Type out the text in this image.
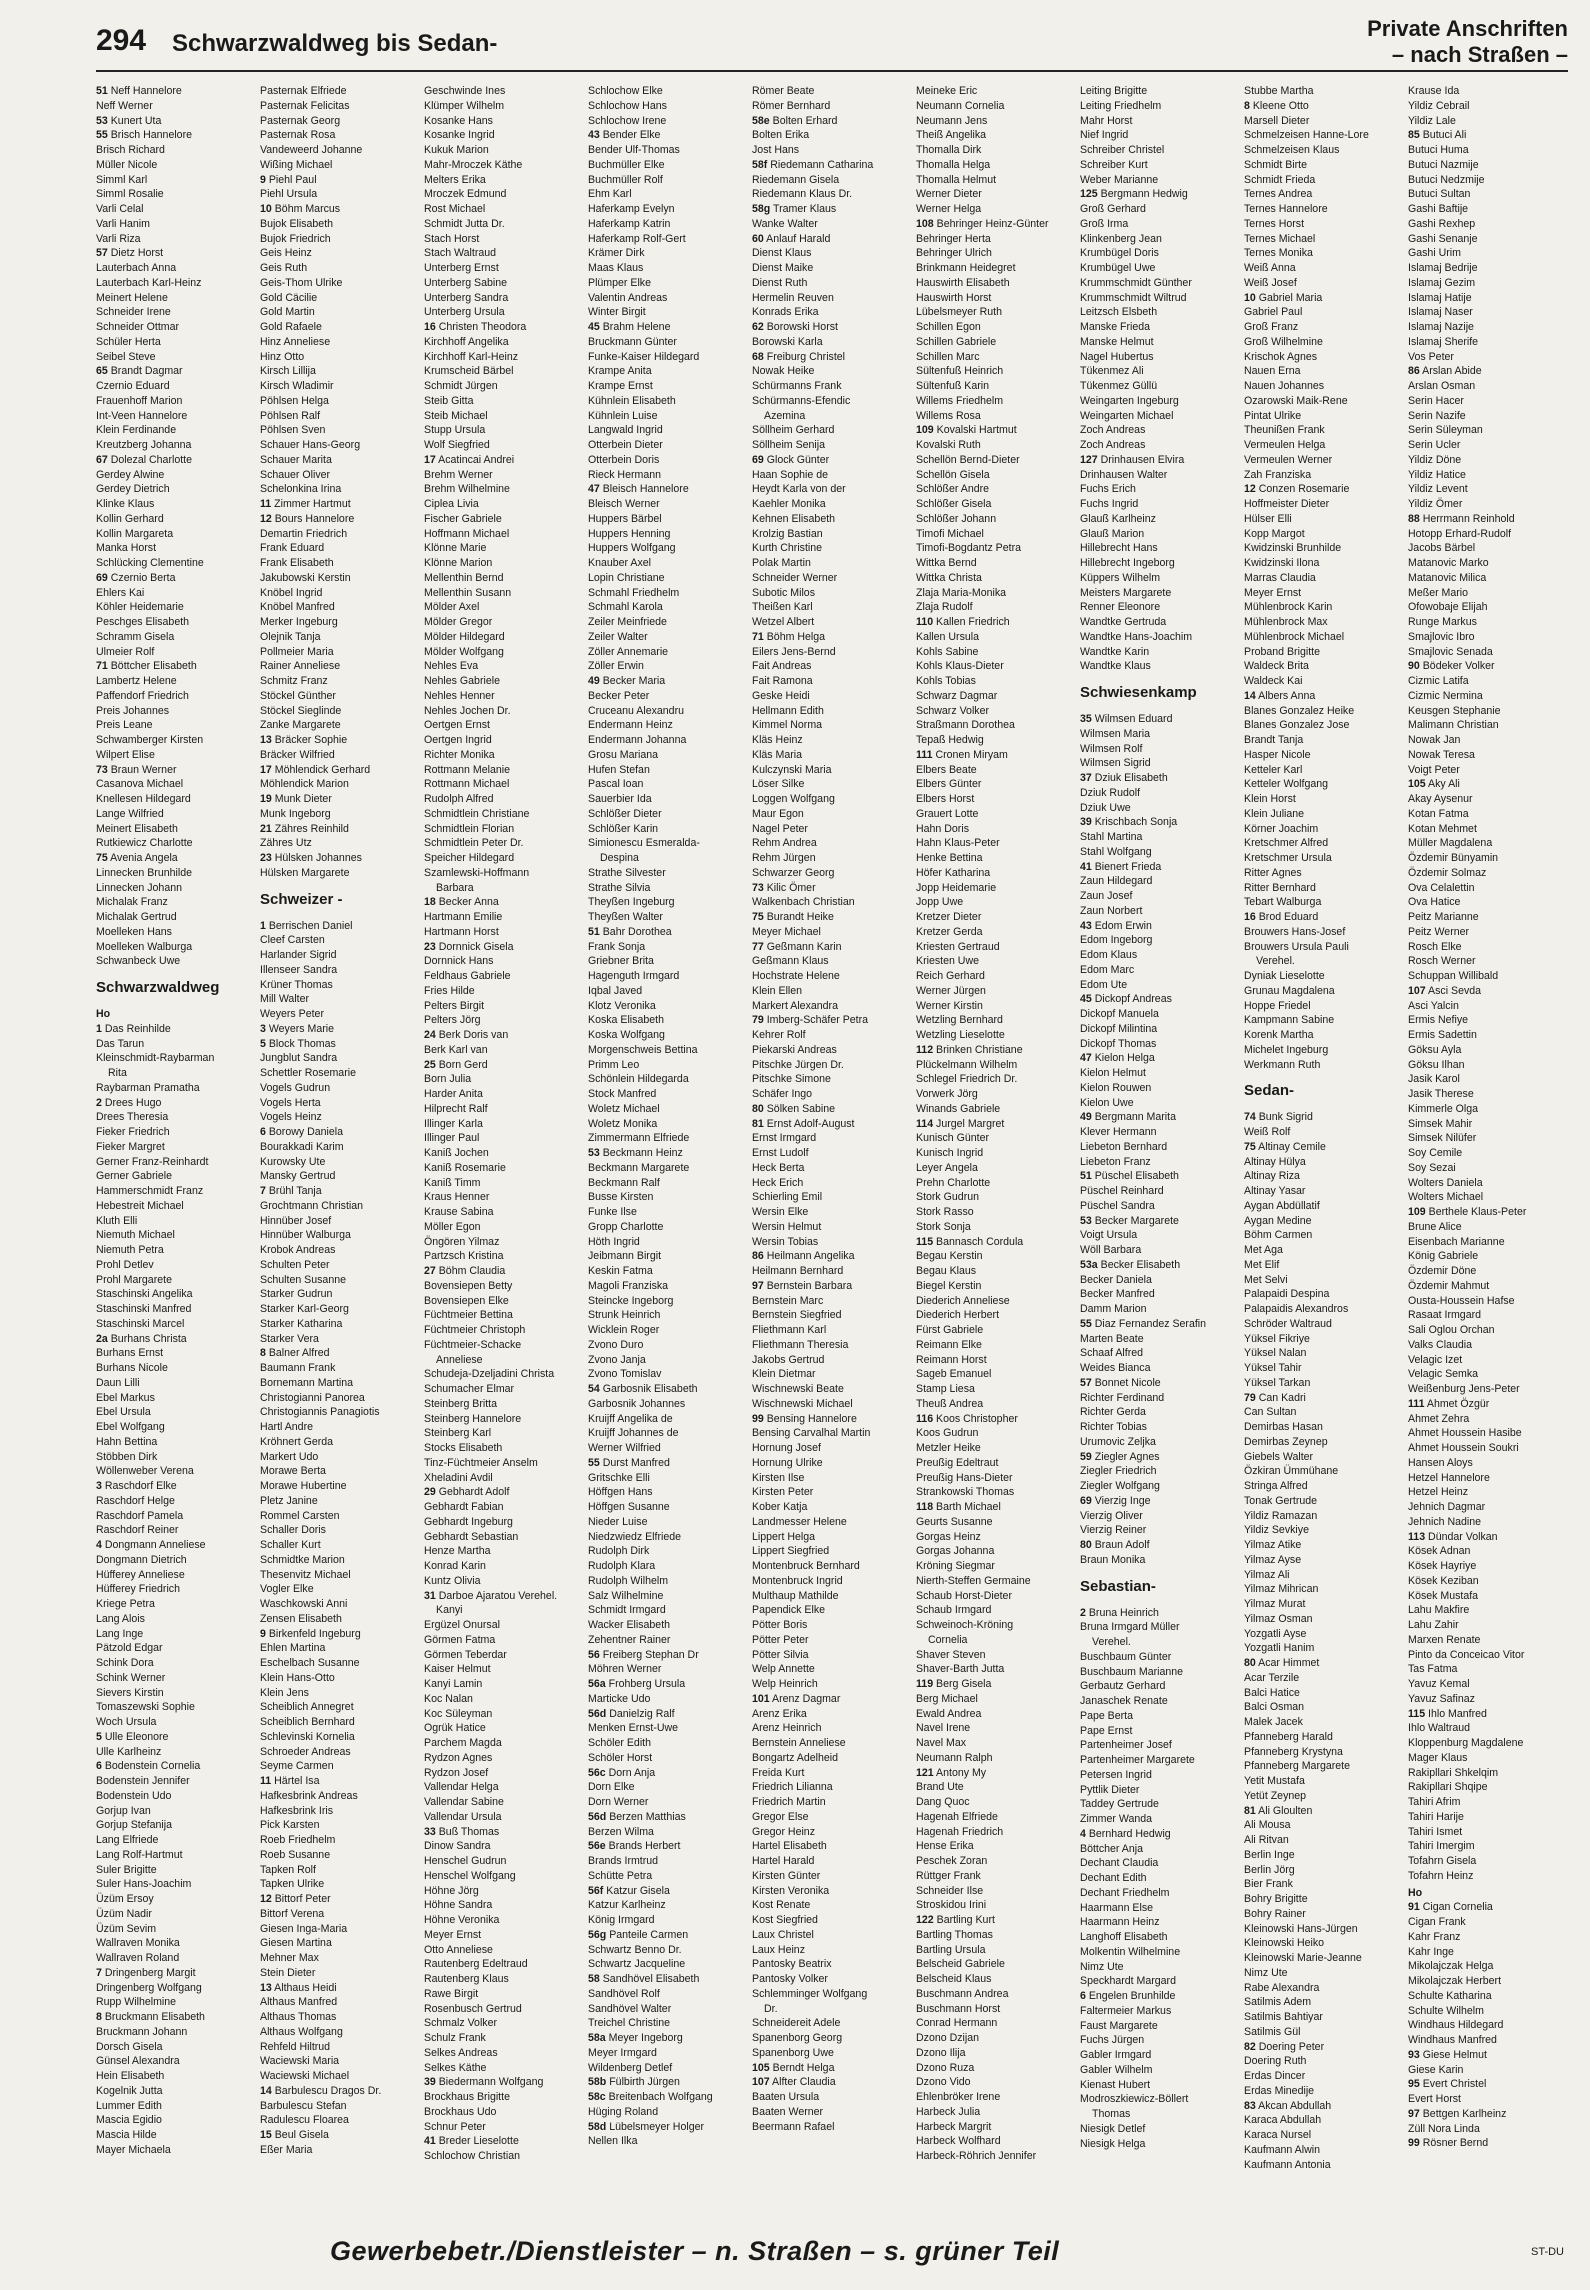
294 Schwarzwaldweg bis Sedan-
Private Anschriften
– nach Straßen –
51 Neff Hannelore
Neff Werner
53 Kunert Uta
55 Brisch Hannelore
Brisch Richard
Müller Nicole
Simml Karl
Simml Rosalie
Varli Celal
Varli Hanim
Varli Riza
57 Dietz Horst
Lauterbach Anna
Lauterbach Karl-Heinz
Meinert Helene
Schneider Irene
Schneider Ottmar
Schüler Herta
Seibel Steve
65 Brandt Dagmar
Czernio Eduard
Frauenhoff Marion
Int-Veen Hannelore
Klein Ferdinande
Kreutzberg Johanna
67 Dolezal Charlotte
Gerdey Alwine
Gerdey Dietrich
Klinke Klaus
Kollin Gerhard
Kollin Margareta
Manka Horst
Schlücking Clementine
69 Czernio Berta
Ehlers Kai
Köhler Heidemarie
Peschges Elisabeth
Schramm Gisela
Ulmeier Rolf
71 Böttcher Elisabeth
Lambertz Helene
Paffendorf Friedrich
Preis Johannes
Preis Leane
Schwamberger Kirsten
Wilpert Elise
73 Braun Werner
Casanova Michael
Knellesen Hildegard
Lange Wilfried
Meinert Elisabeth
Rutkiewicz Charlotte
75 Avenia Angela
Linnecken Brunhilde
Linnecken Johann
Michalak Franz
Michalak Gertrud
Moelleken Hans
Moelleken Walburga
Schwanbeck Uwe
Schwarzwaldweg
Ho
1 Das Reinhilde
Das Tarun
Kleinschmidt-Raybarman
Rita
Raybarman Pramatha
2 Drees Hugo
Drees Theresia
Fieker Friedrich
Fieker Margret
Gerner Franz-Reinhardt
Gerner Gabriele
Hammerschmidt Franz
Hebestreit Michael
Kluth Elli
Niemuth Michael
Niemuth Petra
Prohl Detlev
Prohl Margarete
Staschinski Angelika
Staschinski Manfred
Staschinski Marcel
2a Burhans Christa
Burhans Ernst
Burhans Nicole
Daun Lilli
Ebel Markus
Ebel Ursula
Ebel Wolfgang
Hahn Bettina
Stöbben Dirk
Wöllenweber Verena
3 Raschdorf Elke
Raschdorf Helge
Raschdorf Pamela
Raschdorf Reiner
4 Dongmann Anneliese
Dongmann Dietrich
Hüfferey Anneliese
Hüfferey Friedrich
Kriege Petra
Lang Alois
Lang Inge
Pätzold Edgar
Schink Dora
Schink Werner
Sievers Kirstin
Tomaszewski Sophie
Woch Ursula
5 Ulle Eleonore
Ulle Karlheinz
6 Bodenstein Cornelia
Bodenstein Jennifer
Bodenstein Udo
Gorjup Ivan
Gorjup Stefanija
Lang Elfriede
Lang Rolf-Hartmut
Suler Brigitte
Suler Hans-Joachim
Üzüm Ersoy
Üzüm Nadir
Üzüm Sevim
Wallraven Monika
Wallraven Roland
7 Dringenberg Margit
Dringenberg Wolfgang
Rupp Wilhelmine
8 Bruckmann Elisabeth
Bruckmann Johann
Dorsch Gisela
Günsel Alexandra
Hein Elisabeth
Kogelnik Jutta
Lummer Edith
Mascia Egidio
Mascia Hilde
Mayer Michaela
Pasternak Elfriede
Pasternak Felicitas
Pasternak Georg
Pasternak Rosa
Vandeweerd Johanne
Wißing Michael
9 Piehl Paul
Piehl Ursula
10 Böhm Marcus
Bujok Elisabeth
Bujok Friedrich
Geis Heinz
Geis Ruth
Geis-Thom Ulrike
Gold Cäcilie
Gold Martin
Gold Rafaele
Hinz Anneliese
Hinz Otto
Kirsch Lillija
Kirsch Wladimir
Pöhlsen Helga
Pöhlsen Ralf
Pöhlsen Sven
Schauer Hans-Georg
Schauer Marita
Schauer Oliver
Schelonkina Irina
11 Zimmer Hartmut
12 Bours Hannelore
Demartin Friedrich
Frank Eduard
Frank Elisabeth
Jakubowski Kerstin
Knöbel Ingrid
Knöbel Manfred
Merker Ingeburg
Olejnik Tanja
Pollmeier Maria
Rainer Anneliese
Schmitz Franz
Stöckel Günther
Stöckel Sieglinde
Zanke Margarete
13 Bräcker Sophie
Bräcker Wilfried
17 Möhlendick Gerhard
Möhlendick Marion
19 Munk Dieter
Munk Ingeborg
21 Zähres Reinhild
Zähres Utz
23 Hülsken Johannes
Hülsken Margarete
Schweizer -
1 Berrischen Daniel
Cleef Carsten
Harlander Sigrid
Illenseer Sandra
Krüner Thomas
Mill Walter
Weyers Peter
3 Weyers Marie
5 Block Thomas
Jungblut Sandra
Schettler Rosemarie
Vogels Gudrun
Vogels Herta
Vogels Heinz
6 Borowy Daniela
Bourakkadi Karim
Kurowsky Ute
Mansky Gertrud
7 Brühl Tanja
Grochtmann Christian
Hinnüber Josef
Hinnüber Walburga
Krobok Andreas
Schulten Peter
Schulten Susanne
Starker Gudrun
Starker Karl-Georg
Starker Katharina
Starker Vera
8 Balner Alfred
Baumann Frank
Bornemann Martina
Christogianni Panorea
Christogiannis Panagiotis
Hartl Andre
Kröhnert Gerda
Markert Udo
Morawe Berta
Morawe Hubertine
Pletz Janine
Rommel Carsten
Schaller Doris
Schaller Kurt
Schmidtke Marion
Thesenvitz Michael
Vogler Elke
Waschkowski Anni
Zensen Elisabeth
9 Birkenfeld Ingeburg
Ehlen Martina
Eschelbach Susanne
Klein Hans-Otto
Klein Jens
Scheiblich Annegret
Scheiblich Bernhard
Schlevinski Kornelia
Schroeder Andreas
Seyme Carmen
11 Härtel Isa
Hafkesbrink Andreas
Hafkesbrink Iris
Pick Karsten
Roeb Friedhelm
Roeb Susanne
Tapken Rolf
Tapken Ulrike
12 Bittorf Peter
Bittorf Verena
Giesen Inga-Maria
Giesen Martina
Mehner Max
Stein Dieter
13 Althaus Heidi
Althaus Manfred
Althaus Thomas
Althaus Wolfgang
Rehfeld Hiltrud
Waciewski Maria
Waciewski Michael
14 Barbulescu Dragos Dr.
Barbulescu Stefan
Radulescu Floarea
15 Beul Gisela
Eßer Maria
Geschwinde Ines
Klümper Wilhelm
Kosanke Hans
Kosanke Ingrid
Kukuk Marion
Mahr-Mroczek Käthe
Melters Erika
Mroczek Edmund
Rost Michael
Schmidt Jutta Dr.
Stach Horst
Stach Waltraud
Unterberg Ernst
Unterberg Sabine
Unterberg Sandra
Unterberg Ursula
16 Christen Theodora
Kirchhoff Angelika
Kirchhoff Karl-Heinz
Krumscheid Bärbel
Schmidt Jürgen
Steib Gitta
Steib Michael
Stupp Ursula
Wolf Siegfried
17 Acatincai Andrei
Brehm Werner
Brehm Wilhelmine
Ciplea Livia
Fischer Gabriele
Hoffmann Michael
Klönne Marie
Klönne Marion
Mellenthin Bernd
Mellenthin Susann
Mölder Axel
Mölder Gregor
Mölder Hildegard
Mölder Wolfgang
Nehles Eva
Nehles Gabriele
Nehles Henner
Nehles Jochen Dr.
Oertgen Ernst
Oertgen Ingrid
Richter Monika
Rottmann Melanie
Rottmann Michael
Rudolph Alfred
Schmidtlein Christiane
Schmidtlein Florian
Schmidtlein Peter Dr.
Speicher Hildegard
Szamlewski-Hoffmann
Barbara
18 Becker Anna
Hartmann Emilie
Hartmann Horst
23 Dornnick Gisela
Dornnick Hans
Feldhaus Gabriele
Fries Hilde
Pelters Birgit
Pelters Jörg
24 Berk Doris van
Berk Karl van
25 Born Gerd
Born Julia
Harder Anita
Hilprecht Ralf
Illinger Karla
Illinger Paul
Kaniß Jochen
Kaniß Rosemarie
Kaniß Timm
Kraus Henner
Krause Sabina
Möller Egon
Öngören Yilmaz
Partzsch Kristina
27 Böhm Claudia
Bovensiepen Betty
Bovensiepen Elke
Füchtmeier Bettina
Füchtmeier Christoph
Füchtmeier-Schacke
Anneliese
Schudeja-Dzeljadini Christa
Schumacher Elmar
Steinberg Britta
Steinberg Hannelore
Steinberg Karl
Stocks Elisabeth
Tinz-Füchtmeier Anselm
Xheladini Avdil
29 Gebhardt Adolf
Gebhardt Fabian
Gebhardt Ingeburg
Gebhardt Sebastian
Henze Martha
Konrad Karin
Kuntz Olivia
31 Darboe Ajaratou Verehel.
Kanyi
Ergüzel Onursal
Görmen Fatma
Görmen Teberdar
Kaiser Helmut
Kanyi Lamin
Koc Nalan
Koc Süleyman
Ogrük Hatice
Parchem Magda
Rydzon Agnes
Rydzon Josef
Vallendar Helga
Vallendar Sabine
Vallendar Ursula
33 Buß Thomas
Dinow Sandra
Henschel Gudrun
Henschel Wolfgang
Höhne Jörg
Höhne Sandra
Höhne Veronika
Meyer Ernst
Otto Anneliese
Rautenberg Edeltraud
Rautenberg Klaus
Rawe Birgit
Rosenbusch Gertrud
Schmalz Volker
Schulz Frank
Selkes Andreas
Selkes Käthe
39 Biedermann Wolfgang
Brockhaus Brigitte
Brockhaus Udo
Schnur Peter
41 Breder Lieselotte
Schlochow Christian
Schlochow Elke
Schlochow Hans
Schlochow Irene
43 Bender Elke
Bender Ulf-Thomas
Buchmüller Elke
Buchmüller Rolf
Ehm Karl
Haferkamp Evelyn
Haferkamp Katrin
Haferkamp Rolf-Gert
Krämer Dirk
Maas Klaus
Plümper Elke
Valentin Andreas
Winter Birgit
45 Brahm Helene
Bruckmann Günter
Funke-Kaiser Hildegard
Krampe Anita
Krampe Ernst
Kühnlein Elisabeth
Kühnlein Luise
Langwald Ingrid
Otterbein Dieter
Otterbein Doris
Rieck Hermann
47 Bleisch Hannelore
Bleisch Werner
Huppers Bärbel
Huppers Henning
Huppers Wolfgang
Knauber Axel
Lopin Christiane
Schmahl Friedhelm
Schmahl Karola
Zeiler Meinfriede
Zeiler Walter
Zöller Annemarie
Zöller Erwin
49 Becker Maria
Becker Peter
Cruceanu Alexandru
Endermann Heinz
Endermann Johanna
Grosu Mariana
Hufen Stefan
Pascal Ioan
Sauerbier Ida
Schlößer Dieter
Schlößer Karin
Simionescu Esmeralda-
Despina
Strathe Silvester
Strathe Silvia
Theyßen Ingeburg
Theyßen Walter
51 Bahr Dorothea
Frank Sonja
Griebner Brita
Hagenguth Irmgard
Iqbal Javed
Klotz Veronika
Koska Elisabeth
Koska Wolfgang
Morgenschweis Bettina
Primm Leo
Schönlein Hildegarda
Stock Manfred
Woletz Michael
Woletz Monika
Zimmermann Elfriede
53 Beckmann Heinz
Beckmann Margarete
Beckmann Ralf
Busse Kirsten
Funke Ilse
Gropp Charlotte
Höth Ingrid
Jeibmann Birgit
Keskin Fatma
Magoli Franziska
Steincke Ingeborg
Strunk Heinrich
Wicklein Roger
Zvono Duro
Zvono Janja
Zvono Tomislav
54 Garbosnik Elisabeth
Garbosnik Johannes
Kruijff Angelika de
Kruijff Johannes de
Werner Wilfried
55 Durst Manfred
Gritschke Elli
Höffgen Hans
Höffgen Susanne
Nieder Luise
Niedzwiedz Elfriede
Rudolph Dirk
Rudolph Klara
Rudolph Wilhelm
Salz Wilhelmine
Schmidt Irmgard
Wacker Elisabeth
Zehentner Rainer
56 Freiberg Stephan Dr
Möhren Werner
56a Frohberg Ursula
Marticke Udo
56d Danielzig Ralf
Menken Ernst-Uwe
Schöler Edith
Schöler Horst
56c Dorn Anja
Dorn Elke
Dorn Werner
56d Berzen Matthias
Berzen Wilma
56e Brands Herbert
Brands Irmtrud
Schütte Petra
56f Katzur Gisela
Katzur Karlheinz
König Irmgard
56g Panteile Carmen
Schwartz Benno Dr.
Schwartz Jacqueline
58 Sandhövel Elisabeth
Sandhövel Rolf
Sandhövel Walter
Treichel Christine
58a Meyer Ingeborg
Meyer Irmgard
Wildenberg Detlef
58b Fülbirth Jürgen
58c Breitenbach Wolfgang
Hüging Roland
58d Lübelsmeyer Holger
Nellen Ilka
Römer Beate
Römer Bernhard
58e Bolten Erhard
Bolten Erika
Jost Hans
58f Riedemann Catharina
Riedemann Gisela
Riedemann Klaus Dr.
58g Tramer Klaus
Wanke Walter
60 Anlauf Harald
Dienst Klaus
Dienst Maike
Dienst Ruth
Hermelin Reuven
Konrads Erika
62 Borowski Horst
Borowski Karla
68 Freiburg Christel
Nowak Heike
Schürmanns Frank
Schürmanns-Efendic
Azemina
Söllheim Gerhard
Söllheim Senija
69 Glock Günter
Haan Sophie de
Heydt Karla von der
Kaehler Monika
Kehnen Elisabeth
Krolzig Bastian
Kurth Christine
Polak Martin
Schneider Werner
Subotic Milos
Theißen Karl
Wetzel Albert
71 Böhm Helga
Eilers Jens-Bernd
Fait Andreas
Fait Ramona
Geske Heidi
Hellmann Edith
Kimmel Norma
Kläs Heinz
Kläs Maria
Kulczynski Maria
Löser Silke
Loggen Wolfgang
Maur Egon
Nagel Peter
Rehm Andrea
Rehm Jürgen
Schwarzer Georg
73 Kilic Ömer
Walkenbach Christian
75 Burandt Heike
Meyer Michael
77 Geßmann Karin
Geßmann Klaus
Hochstrate Helene
Klein Ellen
Markert Alexandra
79 Imberg-Schäfer Petra
Kehrer Rolf
Piekarski Andreas
Pitschke Jürgen Dr.
Pitschke Simone
Schäfer Ingo
80 Sölken Sabine
81 Ernst Adolf-August
Ernst Irmgard
Ernst Ludolf
Heck Berta
Heck Erich
Schierling Emil
Wersin Elke
Wersin Helmut
Wersin Tobias
86 Heilmann Angelika
Heilmann Bernhard
97 Bernstein Barbara
Bernstein Marc
Bernstein Siegfried
Fliethmann Karl
Fliethmann Theresia
Jakobs Gertrud
Klein Dietmar
Wischnewski Beate
Wischnewski Michael
99 Bensing Hannelore
Bensing Carvalhal Martin
Hornung Josef
Hornung Ulrike
Kirsten Ilse
Kirsten Peter
Kober Katja
Landmesser Helene
Lippert Helga
Lippert Siegfried
Montenbruck Bernhard
Montenbruck Ingrid
Multhaup Mathilde
Papendick Elke
Pötter Boris
Pötter Peter
Pötter Silvia
Welp Annette
Welp Heinrich
101 Arenz Dagmar
Arenz Erika
Arenz Heinrich
Bernstein Anneliese
Bongartz Adelheid
Freida Kurt
Friedrich Lilianna
Friedrich Martin
Gregor Else
Gregor Heinz
Hartel Elisabeth
Hartel Harald
Kirsten Günter
Kirsten Veronika
Kost Renate
Kost Siegfried
Laux Christel
Laux Heinz
Pantosky Beatrix
Pantosky Volker
Schlemminger Wolfgang
Dr.
Schneidereit Adele
Spanenborg Georg
Spanenborg Uwe
105 Berndt Helga
107 Alfter Claudia
Baaten Ursula
Baaten Werner
Beermann Rafael
Meineke Eric
Neumann Cornelia
Neumann Jens
Theiß Angelika
Thomalla Dirk
Thomalla Helga
Thomalla Helmut
Werner Dieter
Werner Helga
108 Behringer Heinz-Günter
Behringer Herta
Behringer Ulrich
Brinkmann Heidegret
Hauswirth Elisabeth
Hauswirth Horst
Lübelsmeyer Ruth
Schillen Egon
Schillen Gabriele
Schillen Marc
Sültenfuß Heinrich
Sültenfuß Karin
Willems Friedhelm
Willems Rosa
109 Kovalski Hartmut
Kovalski Ruth
Schellön Bernd-Dieter
Schellön Gisela
Schlößer Andre
Schlößer Gisela
Schlößer Johann
Timofi Michael
Timofi-Bogdantz Petra
Wittka Bernd
Wittka Christa
Zlaja Maria-Monika
Zlaja Rudolf
110 Kallen Friedrich
Kallen Ursula
Kohls Sabine
Kohls Klaus-Dieter
Kohls Tobias
Schwarz Dagmar
Schwarz Volker
Straßmann Dorothea
Tepaß Hedwig
111 Cronen Miryam
Elbers Beate
Elbers Günter
Elbers Horst
Grauert Lotte
Hahn Doris
Hahn Klaus-Peter
Henke Bettina
Höfer Katharina
Jopp Heidemarie
Jopp Uwe
Kretzer Dieter
Kretzer Gerda
Kriesten Gertraud
Kriesten Uwe
Reich Gerhard
Werner Jürgen
Werner Kirstin
Wetzling Bernhard
Wetzling Lieselotte
112 Brinken Christiane
Plückelmann Wilhelm
Schlegel Friedrich Dr.
Vorwerk Jörg
Winands Gabriele
114 Jurgel Margret
Kunisch Günter
Kunisch Ingrid
Leyer Angela
Prehn Charlotte
Stork Gudrun
Stork Rasso
Stork Sonja
115 Bannasch Cordula
Begau Kerstin
Begau Klaus
Biegel Kerstin
Diederich Anneliese
Diederich Herbert
Fürst Gabriele
Reimann Elke
Reimann Horst
Sageb Emanuel
Stamp Liesa
Theuß Andrea
116 Koos Christopher
Koos Gudrun
Metzler Heike
Preußig Edeltraut
Preußig Hans-Dieter
Strankowski Thomas
118 Barth Michael
Geurts Susanne
Gorgas Heinz
Gorgas Johanna
Kröning Siegmar
Nierth-Steffen Germaine
Schaub Horst-Dieter
Schaub Irmgard
Schweinoch-Kröning
Cornelia
Shaver Steven
Shaver-Barth Jutta
119 Berg Gisela
Berg Michael
Ewald Andrea
Navel Irene
Navel Max
Neumann Ralph
121 Antony My
Brand Ute
Dang Quoc
Hagenah Elfriede
Hagenah Friedrich
Hense Erika
Peschek Zoran
Rüttger Frank
Schneider Ilse
Stroskidou Irini
122 Bartling Kurt
Bartling Thomas
Bartling Ursula
Belscheid Gabriele
Belscheid Klaus
Buschmann Andrea
Buschmann Horst
Conrad Hermann
Dzono Dzijan
Dzono Ilija
Dzono Ruza
Dzono Vido
Ehlenbröker Irene
Harbeck Julia
Harbeck Margrit
Harbeck Wolfhard
Harbeck-Röhrich Jennifer
Leiting Brigitte
Leiting Friedhelm
Mahr Horst
Nief Ingrid
Schreiber Christel
Schreiber Kurt
Weber Marianne
125 Bergmann Hedwig
Groß Gerhard
Groß Irma
Klinkenberg Jean
Krumbügel Doris
Krumbügel Uwe
Krummschmidt Günther
Krummschmidt Wiltrud
Leitzsch Elsbeth
Manske Frieda
Manske Helmut
Nagel Hubertus
Tükenmez Ali
Tükenmez Güllü
Weingarten Ingeburg
Weingarten Michael
Zoch Andreas
Zoch Andreas
127 Drinhausen Elvira
Drinhausen Walter
Fuchs Erich
Fuchs Ingrid
Glauß Karlheinz
Glauß Marion
Hillebrecht Hans
Hillebrecht Ingeborg
Küppers Wilhelm
Meisters Margarete
Renner Eleonore
Wandtke Gertruda
Wandtke Hans-Joachim
Wandtke Karin
Wandtke Klaus
Schwiesenkamp
35 Wilmsen Eduard
Wilmsen Maria
Wilmsen Rolf
Wilmsen Sigrid
37 Dziuk Elisabeth
Dziuk Rudolf
Dziuk Uwe
39 Krischbach Sonja
Stahl Martina
Stahl Wolfgang
41 Bienert Frieda
Zaun Hildegard
Zaun Josef
Zaun Norbert
43 Edom Erwin
Edom Ingeborg
Edom Klaus
Edom Marc
Edom Ute
45 Dickopf Andreas
Dickopf Manuela
Dickopf Milintina
Dickopf Thomas
47 Kielon Helga
Kielon Helmut
Kielon Rouwen
Kielon Uwe
49 Bergmann Marita
Klever Hermann
Liebeton Bernhard
Liebeton Franz
51 Püschel Elisabeth
Püschel Reinhard
Püschel Sandra
53 Becker Margarete
Voigt Ursula
Wöll Barbara
53a Becker Elisabeth
Becker Daniela
Becker Manfred
Damm Marion
55 Diaz Fernandez Serafin
Marten Beate
Schaaf Alfred
Weides Bianca
57 Bonnet Nicole
Richter Ferdinand
Richter Gerda
Richter Tobias
Urumovic Zeljka
59 Ziegler Agnes
Ziegler Friedrich
Ziegler Wolfgang
69 Vierzig Inge
Vierzig Oliver
Vierzig Reiner
80 Braun Adolf
Braun Monika
Sebastian-
2 Bruna Heinrich
Bruna Irmgard Müller
Verehel.
Buschbaum Günter
Buschbaum Marianne
Gerbautz Gerhard
Janaschek Renate
Pape Berta
Pape Ernst
Partenheimer Josef
Partenheimer Margarete
Petersen Ingrid
Pyttlik Dieter
Taddey Gertrude
Zimmer Wanda
4 Bernhard Hedwig
Böttcher Anja
Dechant Claudia
Dechant Edith
Dechant Friedhelm
Haarmann Else
Haarmann Heinz
Langhoff Elisabeth
Molkentin Wilhelmine
Nimz Ute
Speckhardt Margard
6 Engelen Brunhilde
Faltermeier Markus
Faust Margarete
Fuchs Jürgen
Gabler Irmgard
Gabler Wilhelm
Kienast Hubert
Modroszkiewicz-Böllert
Thomas
Niesigk Detlef
Niesigk Helga
Stubbe Martha
8 Kleene Otto
Marsell Dieter
Schmelzeisen Hanne-Lore
Schmelzeisen Klaus
Schmidt Birte
Schmidt Frieda
Ternes Andrea
Ternes Hannelore
Ternes Horst
Ternes Michael
Ternes Monika
Weiß Anna
Weiß Josef
10 Gabriel Maria
Gabriel Paul
Groß Franz
Groß Wilhelmine
Krischok Agnes
Nauen Erna
Nauen Johannes
Ozarowski Maik-Rene
Pintat Ulrike
Theunißen Frank
Vermeulen Helga
Vermeulen Werner
Zah Franziska
12 Conzen Rosemarie
Hoffmeister Dieter
Hülser Elli
Kopp Margot
Kwidzinski Brunhilde
Kwidzinski Ilona
Marras Claudia
Meyer Ernst
Mühlenbrock Karin
Mühlenbrock Max
Mühlenbrock Michael
Proband Brigitte
Waldeck Brita
Waldeck Kai
14 Albers Anna
Blanes Gonzalez Heike
Blanes Gonzalez Jose
Brandt Tanja
Hasper Nicole
Ketteler Karl
Ketteler Wolfgang
Klein Horst
Klein Juliane
Körner Joachim
Kretschmer Alfred
Kretschmer Ursula
Ritter Agnes
Ritter Bernhard
Tebart Walburga
16 Brod Eduard
Brouwers Hans-Josef
Brouwers Ursula Pauli
Verehel.
Dyniak Lieselotte
Grunau Magdalena
Hoppe Friedel
Kampmann Sabine
Korenk Martha
Michelet Ingeburg
Werkmann Ruth
Sedan-
74 Bunk Sigrid
Weiß Rolf
75 Altinay Cemile
Altinay Hülya
Altinay Riza
Altinay Yasar
Aygan Abdüllatif
Aygan Medine
Böhm Carmen
Met Aga
Met Elif
Met Selvi
Palapaidi Despina
Palapaidis Alexandros
Schröder Waltraud
Yüksel Fikriye
Yüksel Nalan
Yüksel Tahir
Yüksel Tarkan
79 Can Kadri
Can Sultan
Demirbas Hasan
Demirbas Zeynep
Giebels Walter
Özkiran Ümmühane
Stringa Alfred
Tonak Gertrude
Yildiz Ramazan
Yildiz Sevkiye
Yilmaz Atike
Yilmaz Ayse
Yilmaz Ali
Yilmaz Mihrican
Yilmaz Murat
Yilmaz Osman
Yozgatli Ayse
Yozgatli Hanim
80 Acar Himmet
Acar Terzile
Balci Hatice
Balci Osman
Malek Jacek
Pfanneberg Harald
Pfanneberg Krystyna
Pfanneberg Margarete
Yetit Mustafa
Yetüt Zeynep
81 Ali Gloulten
Ali Mousa
Ali Ritvan
Berlin Inge
Berlin Jörg
Bier Frank
Bohry Brigitte
Bohry Rainer
Kleinowski Hans-Jürgen
Kleinowski Heiko
Kleinowski Marie-Jeanne
Nimz Ute
Rabe Alexandra
Satilmis Adem
Satilmis Bahtiyar
Satilmis Gül
82 Doering Peter
Doering Ruth
Erdas Dincer
Erdas Minedije
83 Akcan Abdullah
Karaca Abdullah
Karaca Nursel
Kaufmann Alwin
Kaufmann Antonia
Krause Ida
Yildiz Cebrail
Yildiz Lale
85 Butuci Ali
Butuci Huma
Butuci Nazmije
Butuci Nedzmije
Butuci Sultan
Gashi Baftije
Gashi Rexhep
Gashi Senanje
Gashi Urim
Islamaj Bedrije
Islamaj Gezim
Islamaj Hatije
Islamaj Naser
Islamaj Nazije
Islamaj Sherife
Vos Peter
86 Arslan Abide
Arslan Osman
Serin Hacer
Serin Nazife
Serin Süleyman
Serin Ucler
Yildiz Döne
Yildiz Hatice
Yildiz Levent
Yildiz Ömer
88 Herrmann Reinhold
Hotopp Erhard-Rudolf
Jacobs Bärbel
Matanovic Marko
Matanovic Milica
Meßer Mario
Ofowobaje Elijah
Runge Markus
Smajlovic Ibro
Smajlovic Senada
90 Bödeker Volker
Cizmic Latifa
Cizmic Nermina
Keusgen Stephanie
Malimann Christian
Nowak Jan
Nowak Teresa
Voigt Peter
105 Aky Ali
Akay Aysenur
Kotan Fatma
Kotan Mehmet
Müller Magdalena
Özdemir Bünyamin
Özdemir Solmaz
Ova Celalettin
Ova Hatice
Peitz Marianne
Peitz Werner
Rosch Elke
Rosch Werner
Schuppan Willibald
107 Asci Sevda
Asci Yalcin
Ermis Nefiye
Ermis Sadettin
Göksu Ayla
Göksu Ilhan
Jasik Karol
Jasik Therese
Kimmerle Olga
Simsek Mahir
Simsek Nilüfer
Soy Cemile
Soy Sezai
Wolters Daniela
Wolters Michael
109 Berthele Klaus-Peter
Brune Alice
Eisenbach Marianne
König Gabriele
Özdemir Döne
Özdemir Mahmut
Ousta-Houssein Hafse
Rasaat Irmgard
Sali Oglou Orchan
Valks Claudia
Velagic Izet
Velagic Semka
Weißenburg Jens-Peter
111 Ahmet Özgür
Ahmet Zehra
Ahmet Houssein Hasibe
Ahmet Houssein Soukri
Hansen Aloys
Hetzel Hannelore
Hetzel Heinz
Jehnich Dagmar
Jehnich Nadine
113 Dündar Volkan
Kösek Adnan
Kösek Hayriye
Kösek Keziban
Kösek Mustafa
Lahu Makfire
Lahu Zahir
Marxen Renate
Pinto da Conceicao Vitor
Tas Fatma
Yavuz Kemal
Yavuz Safinaz
115 Ihlo Manfred
Ihlo Waltraud
Kloppenburg Magdalene
Mager Klaus
Rakipllari Shkelqim
Rakipllari Shqipe
Tahiri Afrim
Tahiri Harije
Tahiri Ismet
Tahiri Imergim
Tofahrn Gisela
Tofahrn Heinz
Ho
91 Cigan Cornelia
Cigan Frank
Kahr Franz
Kahr Inge
Mikolajczak Helga
Mikolajczak Herbert
Schulte Katharina
Schulte Wilhelm
Windhaus Hildegard
Windhaus Manfred
93 Giese Helmut
Giese Karin
95 Evert Christel
Evert Horst
97 Bettgen Karlheinz
Züll Nora Linda
99 Rösner Bernd
Gewerbebetr./Dienstleister – n. Straßen – s. grüner Teil	ST-DU
